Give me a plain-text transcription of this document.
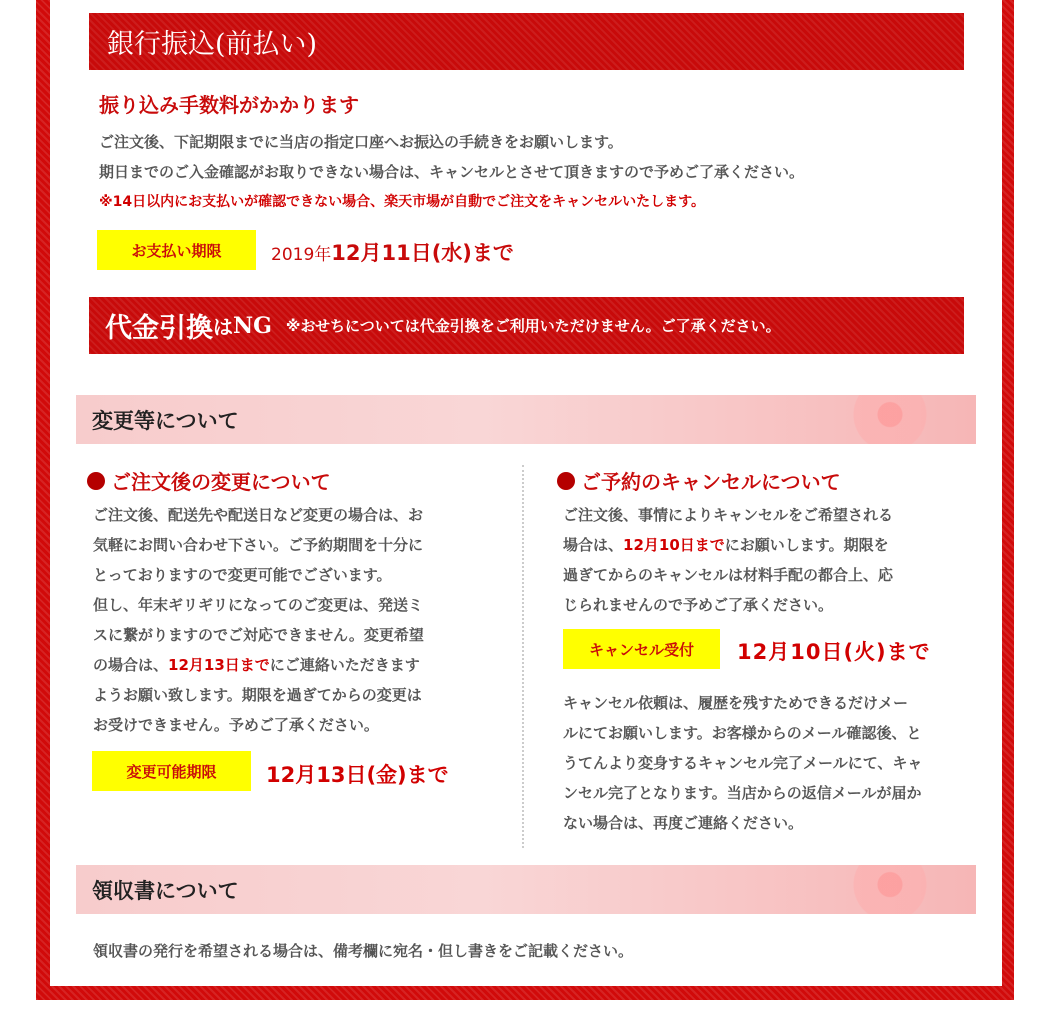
銀行振込(前払い)
振り込み手数料がかかります
ご注文後、下記期限までに当店の指定口座へお振込の手続きをお願いします。
期日までのご入金確認がお取りできない場合は、キャンセルとさせて頂きますので予めご了承ください。
※14日以内にお支払いが確認できない場合、楽天市場が自動でご注文をキャンセルいたします。
お支払い期限	2019年12月11日(水)まで
代金引換 は NG ※おせちについては代金引換をご利用いただけません。ご了承ください。
変更等について
ご注文後の変更について
ご注文後、配送先や配送日など変更の場合は、お
気軽にお問い合わせ下さい。ご予約期間を十分に
とっておりますので変更可能でございます。
但し、年末ギリギリになってのご変更は、発送ミ
スに繋がりますのでご対応できません。変更希望
の場合は、12月13日までにご連絡いただきます
ようお願い致します。期限を過ぎてからの変更は
お受けできません。予めご了承ください。
変更可能期限 12月13日(金)まで
ご予約のキャンセルについて
ご注文後、事情によりキャンセルをご希望される
場合は、12月10日までにお願いします。期限を
過ぎてからのキャンセルは材料手配の都合上、応
じられませんので予めご了承ください。
キャンセル受付 12月10日(火)まで
キャンセル依頼は、履歴を残すためできるだけメー
ルにてお願いします。お客様からのメール確認後、と
うてんより変身するキャンセル完了メールにて、キャ
ンセル完了となります。当店からの返信メールが届か
ない場合は、再度ご連絡ください。
領収書について
領収書の発行を希望される場合は、備考欄に宛名・但し書きをご記載ください。
